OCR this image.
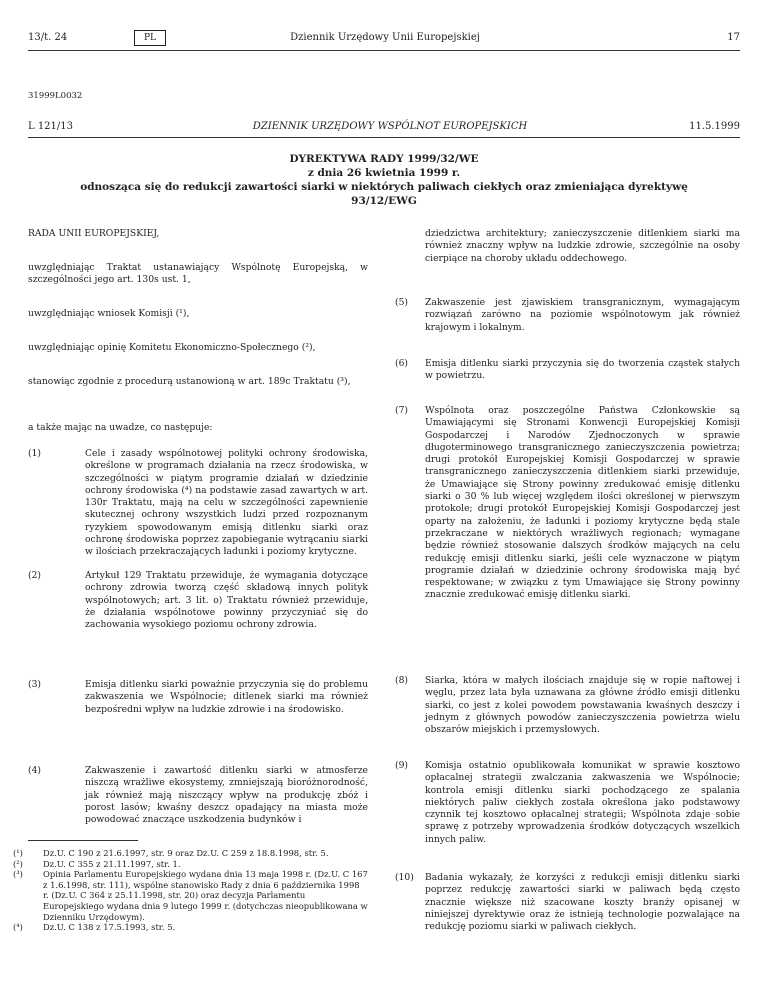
13/t. 24	PL	Dziennik Urzędowy Unii Europejskiej	17
31999L0032
L 121/13	DZIENNIK URZĘDOWY WSPÓLNOT EUROPEJSKICH	11.5.1999
DYREKTYWA RADY 1999/32/WE
z dnia 26 kwietnia 1999 r.
odnosząca się do redukcji zawartości siarki w niektórych paliwach ciekłych oraz zmieniająca dyrektywę
93/12/EWG
RADA UNII EUROPEJSKIEJ,
uwzględniając Traktat ustanawiający Wspólnotę Europejską, w szczególności jego art. 130s ust. 1,
uwzględniając wniosek Komisji (¹),
uwzględniając opinię Komitetu Ekonomiczno-Społecznego (²),
stanowiąc zgodnie z procedurą ustanowioną w art. 189c Traktatu (³),
a także mając na uwadze, co następuje:
(1)	Cele i zasady wspólnotowej polityki ochrony środowiska, określone w programach działania na rzecz środowiska, w szczególności w piątym programie działań w dziedzinie ochrony środowiska (⁴) na podstawie zasad zawartych w art. 130r Traktatu, mają na celu w szczególności zapewnienie skutecznej ochrony wszystkich ludzi przed rozpoznanym ryzykiem spowodowanym emisją ditlenku siarki oraz ochronę środowiska poprzez zapobieganie wytrącaniu siarki w ilościach przekraczających ładunki i poziomy krytyczne.
(2)	Artykuł 129 Traktatu przewiduje, że wymagania dotyczące ochrony zdrowia tworzą część składową innych polityk wspólnotowych; art. 3 lit. o) Traktatu również przewiduje, że działania wspólnotowe powinny przyczyniać się do zachowania wysokiego poziomu ochrony zdrowia.
(3)	Emisja ditlenku siarki poważnie przyczynia się do problemu zakwaszenia we Wspólnocie; ditlenek siarki ma również bezpośredni wpływ na ludzkie zdrowie i na środowisko.
(4)	Zakwaszenie i zawartość ditlenku siarki w atmosferze niszczą wrażliwe ekosystemy, zmniejszają bioróżnorodność, jak również mają niszczący wpływ na produkcję zbóż i porost lasów; kwaśny deszcz opadający na miasta może powodować znaczące uszkodzenia budynków i
(¹) Dz.U. C 190 z 21.6.1997, str. 9 oraz Dz.U. C 259 z 18.8.1998, str. 5.
(²) Dz.U. C 355 z 21.11.1997, str. 1.
(³) Opinia Parlamentu Europejskiego wydana dnia 13 maja 1998 r. (Dz.U. C 167 z 1.6.1998, str. 111), wspólne stanowisko Rady z dnia 6 października 1998 r. (Dz.U. C 364 z 25.11.1998, str. 20) oraz decyzja Parlamentu Europejskiego wydana dnia 9 lutego 1999 r. (dotychczas nieopublikowana w Dzienniku Urzędowym).
(⁴) Dz.U. C 138 z 17.5.1993, str. 5.
dziedzictwa architektury; zanieczyszczenie ditlenkiem siarki ma również znaczny wpływ na ludzkie zdrowie, szczególnie na osoby cierpiące na choroby układu oddechowego.
(5) Zakwaszenie jest zjawiskiem transgranicznym, wymagającym rozwiązań zarówno na poziomie wspólnotowym jak również krajowym i lokalnym.
(6) Emisja ditlenku siarki przyczynia się do tworzenia cząstek stałych w powietrzu.
(7) Wspólnota oraz poszczególne Państwa Członkowskie są Umawiającymi się Stronami Konwencji Europejskiej Komisji Gospodarczej i Narodów Zjednoczonych w sprawie długoterminowego transgranicznego zanieczyszczenia powietrza; drugi protokół Europejskiej Komisji Gospodarczej w sprawie transgranicznego zanieczyszczenia ditlenkiem siarki przewiduje, że Umawiające się Strony powinny zredukować emisję ditlenku siarki o 30 % lub więcej względem ilości określonej w pierwszym protokole; drugi protokół Europejskiej Komisji Gospodarczej jest oparty na założeniu, że ładunki i poziomy krytyczne będą stale przekraczane w niektórych wrażliwych regionach; wymagane będzie również stosowanie dalszych środków mających na celu redukcję emisji ditlenku siarki, jeśli cele wyznaczone w piątym programie działań w dziedzinie ochrony środowiska mają być respektowane; w związku z tym Umawiające się Strony powinny znacznie zredukować emisję ditlenku siarki.
(8) Siarka, która w małych ilościach znajduje się w ropie naftowej i węglu, przez lata była uznawana za główne źródło emisji ditlenku siarki, co jest z kolei powodem powstawania kwaśnych deszczy i jednym z głównych powodów zanieczyszczenia powietrza wielu obszarów miejskich i przemysłowych.
(9) Komisja ostatnio opublikowała komunikat w sprawie kosztowo opłacalnej strategii zwalczania zakwaszenia we Wspólnocie; kontrola emisji ditlenku siarki pochodzącego ze spalania niektórych paliw ciekłych została określona jako podstawowy czynnik tej kosztowo opłacalnej strategii; Wspólnota zdaje sobie sprawę z potrzeby wprowadzenia środków dotyczących wszelkich innych paliw.
(10) Badania wykazały, że korzyści z redukcji emisji ditlenku siarki poprzez redukcję zawartości siarki w paliwach będą często znacznie większe niż szacowane koszty branży opisanej w niniejszej dyrektywie oraz że istnieją technologie pozwalające na redukcję poziomu siarki w paliwach ciekłych.
